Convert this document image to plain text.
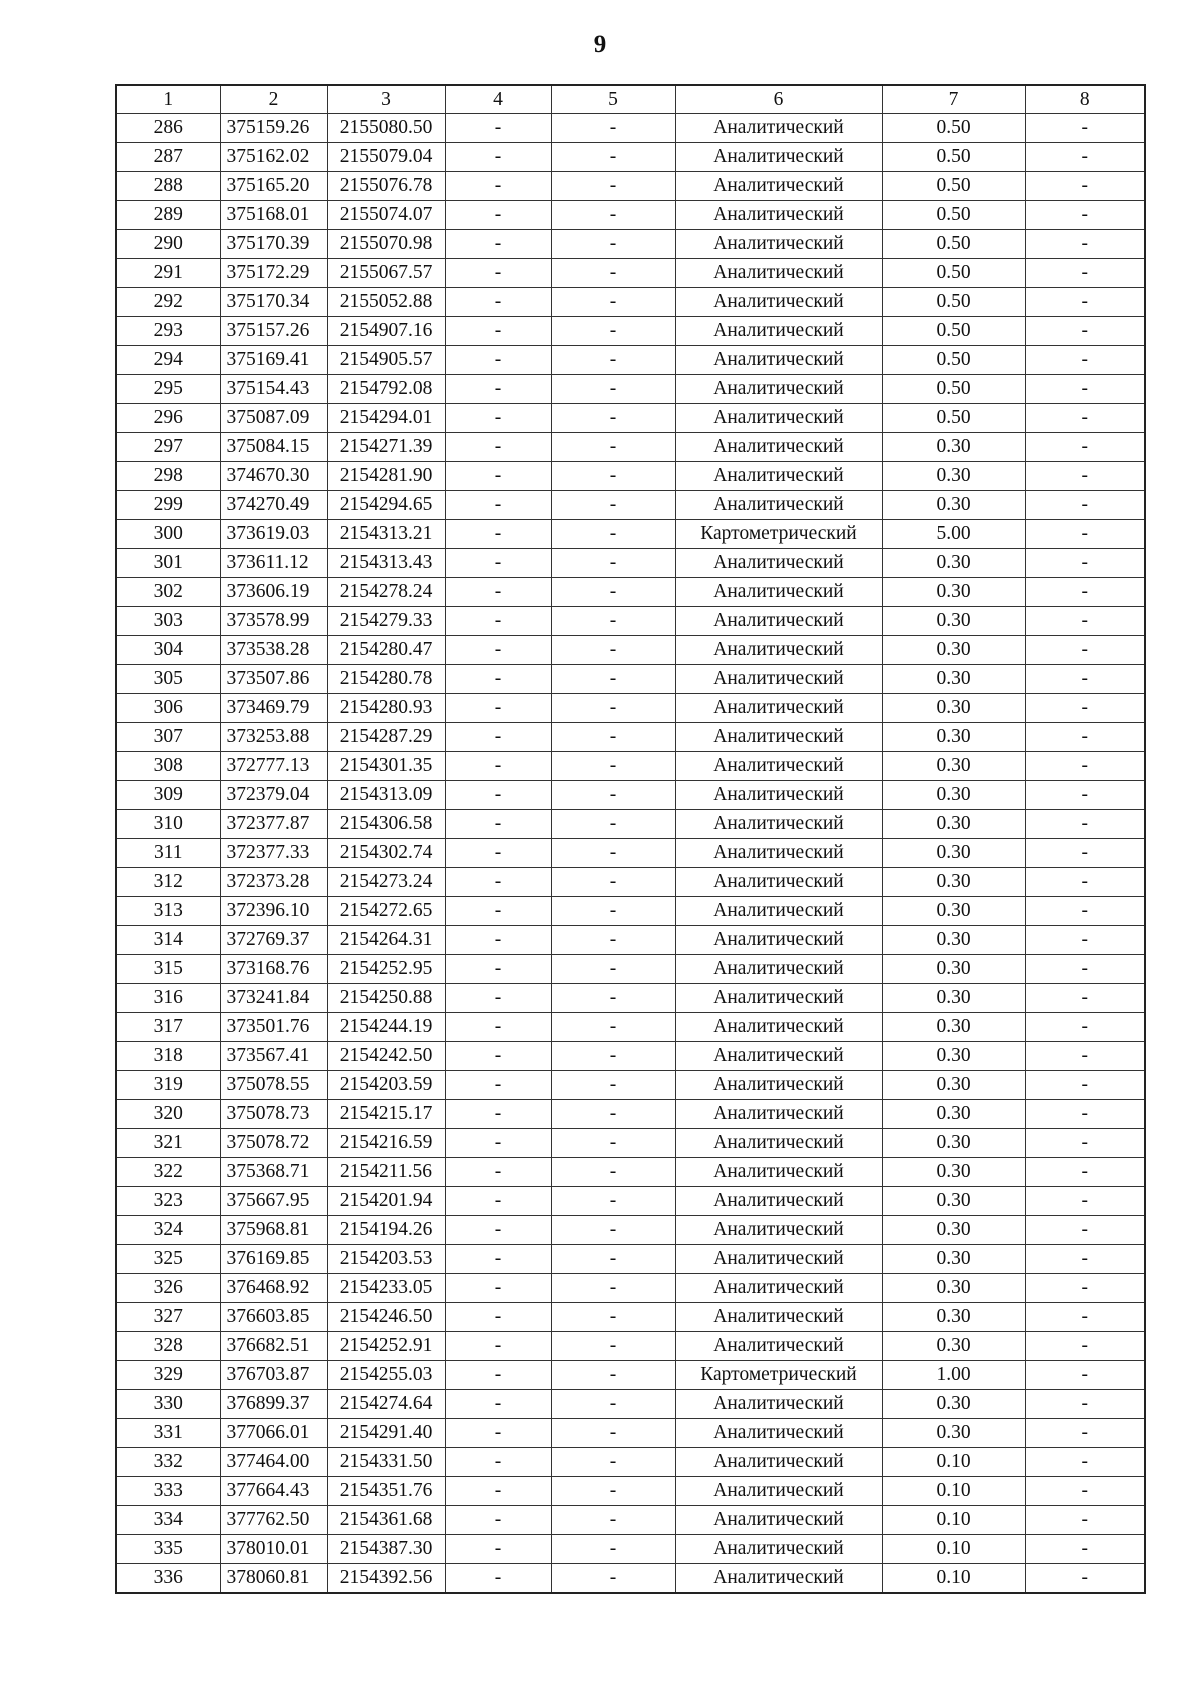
9
1	2	3	4	5	6	7	8
286	375159.26	2155080.50	-	-	Аналитический	0.50	-
287	375162.02	2155079.04	-	-	Аналитический	0.50	-
288	375165.20	2155076.78	-	-	Аналитический	0.50	-
289	375168.01	2155074.07	-	-	Аналитический	0.50	-
290	375170.39	2155070.98	-	-	Аналитический	0.50	-
291	375172.29	2155067.57	-	-	Аналитический	0.50	-
292	375170.34	2155052.88	-	-	Аналитический	0.50	-
293	375157.26	2154907.16	-	-	Аналитический	0.50	-
294	375169.41	2154905.57	-	-	Аналитический	0.50	-
295	375154.43	2154792.08	-	-	Аналитический	0.50	-
296	375087.09	2154294.01	-	-	Аналитический	0.50	-
297	375084.15	2154271.39	-	-	Аналитический	0.30	-
298	374670.30	2154281.90	-	-	Аналитический	0.30	-
299	374270.49	2154294.65	-	-	Аналитический	0.30	-
300	373619.03	2154313.21	-	-	Картометрический	5.00	-
301	373611.12	2154313.43	-	-	Аналитический	0.30	-
302	373606.19	2154278.24	-	-	Аналитический	0.30	-
303	373578.99	2154279.33	-	-	Аналитический	0.30	-
304	373538.28	2154280.47	-	-	Аналитический	0.30	-
305	373507.86	2154280.78	-	-	Аналитический	0.30	-
306	373469.79	2154280.93	-	-	Аналитический	0.30	-
307	373253.88	2154287.29	-	-	Аналитический	0.30	-
308	372777.13	2154301.35	-	-	Аналитический	0.30	-
309	372379.04	2154313.09	-	-	Аналитический	0.30	-
310	372377.87	2154306.58	-	-	Аналитический	0.30	-
311	372377.33	2154302.74	-	-	Аналитический	0.30	-
312	372373.28	2154273.24	-	-	Аналитический	0.30	-
313	372396.10	2154272.65	-	-	Аналитический	0.30	-
314	372769.37	2154264.31	-	-	Аналитический	0.30	-
315	373168.76	2154252.95	-	-	Аналитический	0.30	-
316	373241.84	2154250.88	-	-	Аналитический	0.30	-
317	373501.76	2154244.19	-	-	Аналитический	0.30	-
318	373567.41	2154242.50	-	-	Аналитический	0.30	-
319	375078.55	2154203.59	-	-	Аналитический	0.30	-
320	375078.73	2154215.17	-	-	Аналитический	0.30	-
321	375078.72	2154216.59	-	-	Аналитический	0.30	-
322	375368.71	2154211.56	-	-	Аналитический	0.30	-
323	375667.95	2154201.94	-	-	Аналитический	0.30	-
324	375968.81	2154194.26	-	-	Аналитический	0.30	-
325	376169.85	2154203.53	-	-	Аналитический	0.30	-
326	376468.92	2154233.05	-	-	Аналитический	0.30	-
327	376603.85	2154246.50	-	-	Аналитический	0.30	-
328	376682.51	2154252.91	-	-	Аналитический	0.30	-
329	376703.87	2154255.03	-	-	Картометрический	1.00	-
330	376899.37	2154274.64	-	-	Аналитический	0.30	-
331	377066.01	2154291.40	-	-	Аналитический	0.30	-
332	377464.00	2154331.50	-	-	Аналитический	0.10	-
333	377664.43	2154351.76	-	-	Аналитический	0.10	-
334	377762.50	2154361.68	-	-	Аналитический	0.10	-
335	378010.01	2154387.30	-	-	Аналитический	0.10	-
336	378060.81	2154392.56	-	-	Аналитический	0.10	-
